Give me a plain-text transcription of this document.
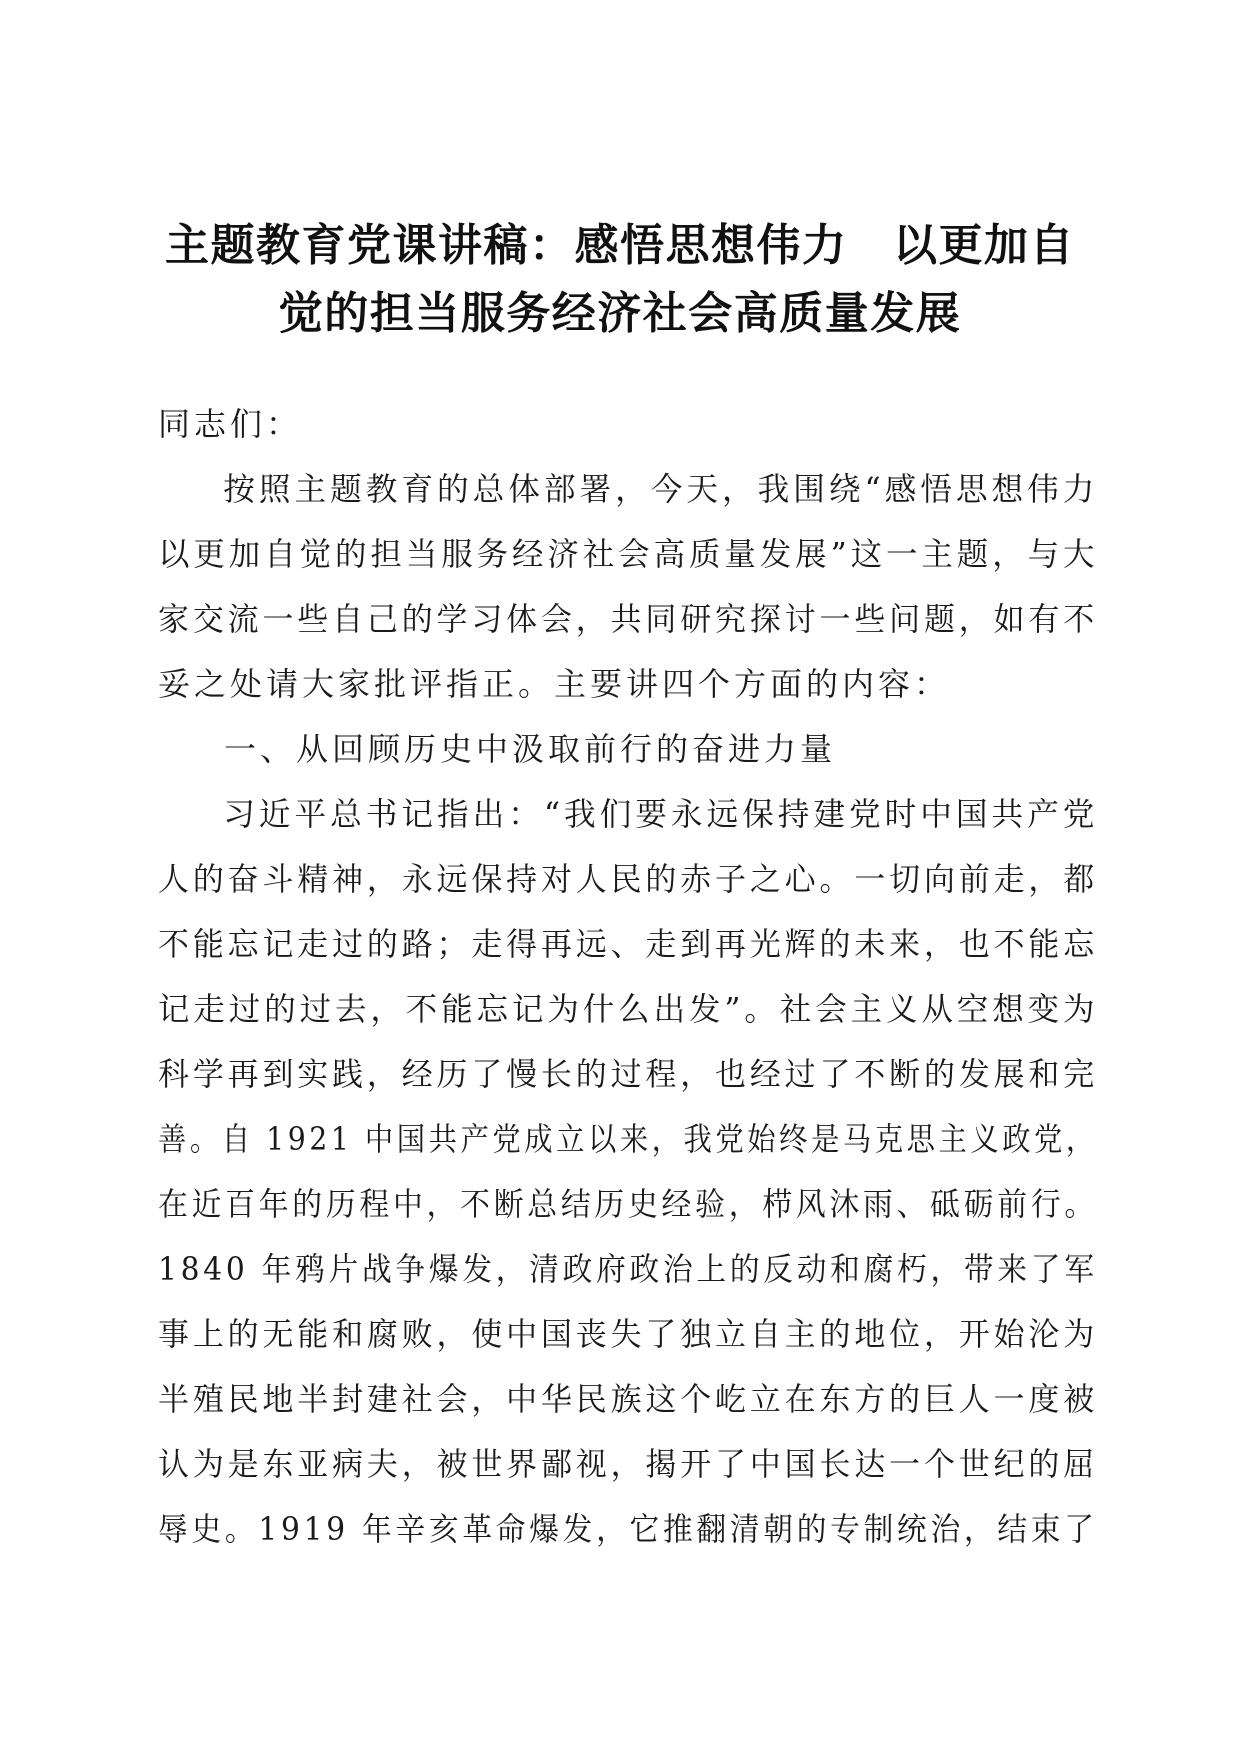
主题教育党课讲稿：感悟思想伟力　以更加自
觉的担当服务经济社会高质量发展
同志们：
按照主题教育的总体部署，今天，我围绕“感悟思想伟力
以更加自觉的担当服务经济社会高质量发展”这一主题，与大
家交流一些自己的学习体会，共同研究探讨一些问题，如有不
妥之处请大家批评指正。主要讲四个方面的内容：
一、从回顾历史中汲取前行的奋进力量
习近平总书记指出：“我们要永远保持建党时中国共产党
人的奋斗精神，永远保持对人民的赤子之心。一切向前走，都
不能忘记走过的路；走得再远、走到再光辉的未来，也不能忘
记走过的过去，不能忘记为什么出发”。社会主义从空想变为
科学再到实践，经历了慢长的过程，也经过了不断的发展和完
善。自 1921 中国共产党成立以来，我党始终是马克思主义政党，
在近百年的历程中，不断总结历史经验，栉风沐雨、砥砺前行。
1840 年鸦片战争爆发，清政府政治上的反动和腐朽，带来了军
事上的无能和腐败，使中国丧失了独立自主的地位，开始沦为
半殖民地半封建社会，中华民族这个屹立在东方的巨人一度被
认为是东亚病夫，被世界鄙视，揭开了中国长达一个世纪的屈
辱史。1919 年辛亥革命爆发，它推翻清朝的专制统治，结束了
